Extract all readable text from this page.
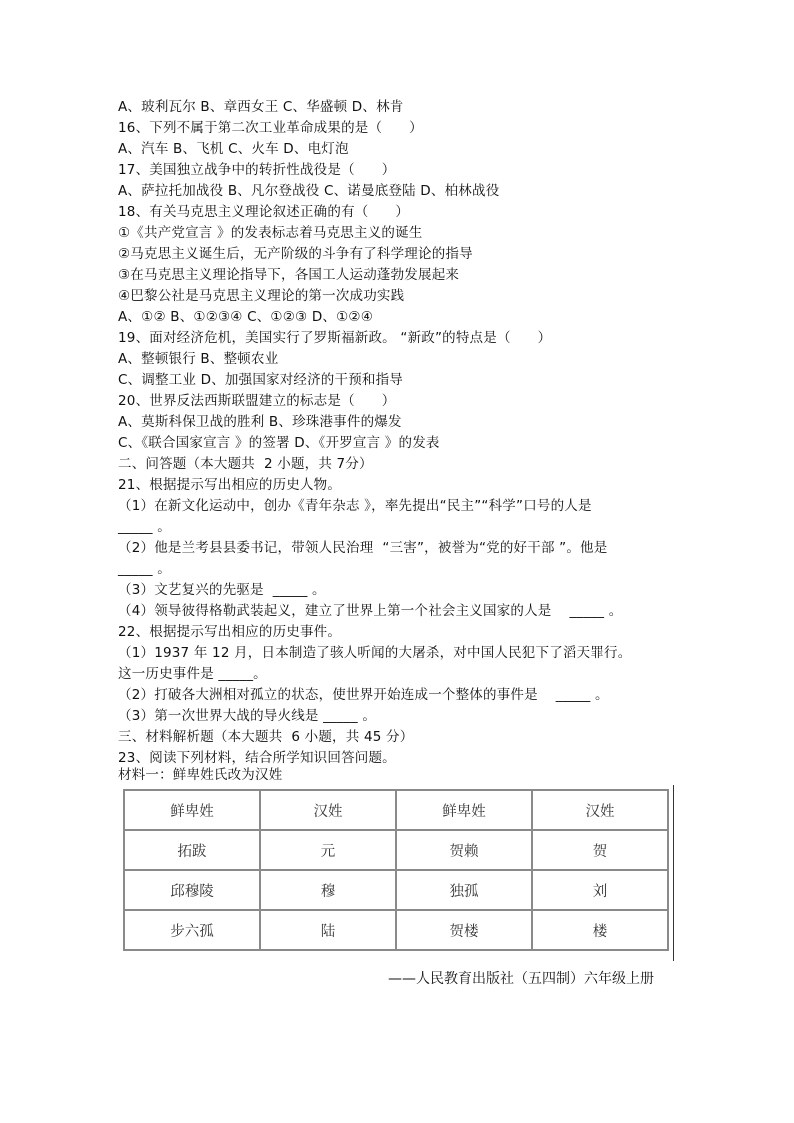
A、玻利瓦尔 B、章西女王 C、华盛顿 D、林肯
16、下列不属于第二次工业革命成果的是（      ）
A、汽车 B、飞机 C、火车 D、电灯泡
17、美国独立战争中的转折性战役是（      ）
A、萨拉托加战役 B、凡尔登战役 C、诺曼底登陆 D、柏林战役
18、有关马克思主义理论叙述正确的有（      ）
①《共产党宣言 》的发表标志着马克思主义的诞生
②马克思主义诞生后，无产阶级的斗争有了科学理论的指导
③在马克思主义理论指导下，各国工人运动蓬勃发展起来
④巴黎公社是马克思主义理论的第一次成功实践
A、①② B、①②③④ C、①②③ D、①②④
19、面对经济危机，美国实行了罗斯福新政。 “新政”的特点是（      ）
A、整顿银行 B、整顿农业
C、调整工业 D、加强国家对经济的干预和指导
20、世界反法西斯联盟建立的标志是（      ）
A、莫斯科保卫战的胜利 B、珍珠港事件的爆发
C、《联合国家宣言 》的签署 D、《开罗宣言 》的发表
二、问答题（本大题共  2 小题，共 7分）
21、根据提示写出相应的历史人物。
（1）在新文化运动中，创办《青年杂志 》，率先提出“民主”“科学”口号的人是
_____ 。
（2）他是兰考县县委书记，带领人民治理  “三害”，被誉为“党的好干部 ”。他是
_____ 。
（3）文艺复兴的先驱是  _____ 。
（4）领导彼得格勒武装起义，建立了世界上第一个社会主义国家的人是    _____ 。
22、根据提示写出相应的历史事件。
（1）1937 年 12 月，日本制造了骇人听闻的大屠杀，对中国人民犯下了滔天罪行。
这一历史事件是 _____。
（2）打破各大洲相对孤立的状态，使世界开始连成一个整体的事件是    _____ 。
（3）第一次世界大战的导火线是 _____ 。
三、材料解析题（本大题共  6 小题，共 45 分）
23、阅读下列材料，结合所学知识回答问题。
材料一：鲜卑姓氏改为汉姓
鲜卑姓	汉姓	鲜卑姓	汉姓
拓跋	元	贺赖	贺
邱穆陵	穆	独孤	刘
步六孤	陆	贺楼	楼
——人民教育出版社（五四制）六年级上册
